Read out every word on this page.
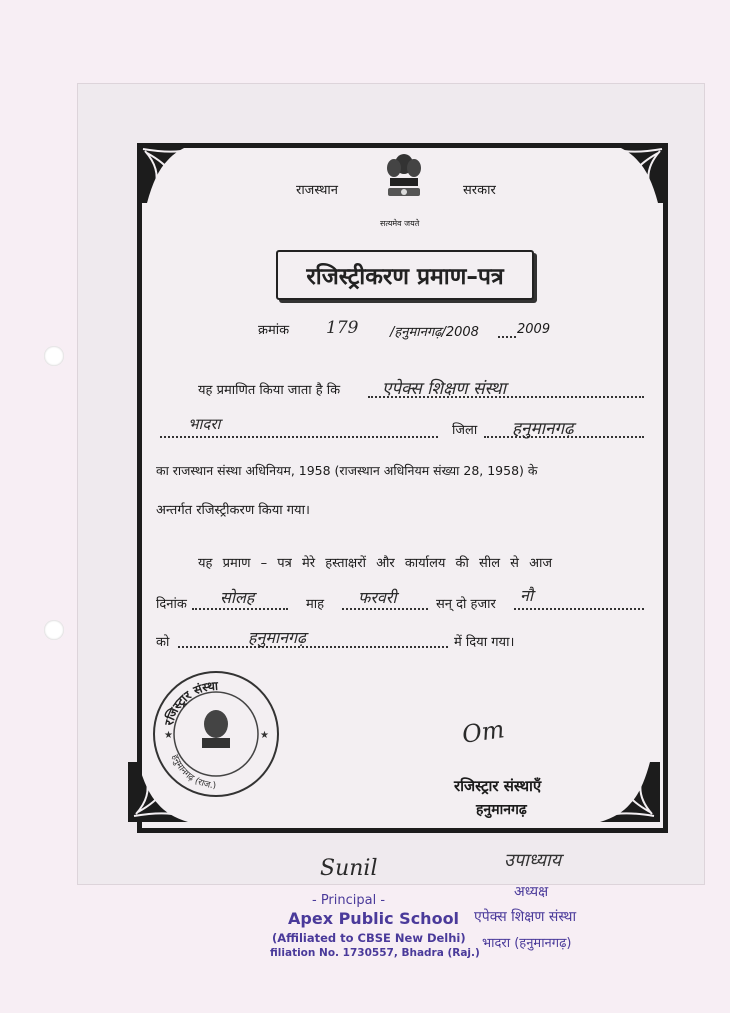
राजस्थान
सत्यमेव जयते
सरकार
रजिस्ट्रीकरण प्रमाण–पत्र
क्रमांक 179 /हनुमानगढ़/2008	2009
यह प्रमाणित किया जाता है कि एपेक्स शिक्षण संस्था
भादरा	जिला हनुमानगढ़
का राजस्थान संस्था अधिनियम, 1958 (राजस्थान अधिनियम संख्या 28, 1958) के
अन्तर्गत रजिस्ट्रीकरण किया गया।
यह प्रमाण – पत्र मेरे हस्ताक्षरों और कार्यालय की सील से आज
दिनांक सोलह	माह फरवरी	सन् दो हजार नौ
को	हनुमानगढ़	में दिया गया।
रजिस्ट्रार संस्था
हनुमानगढ़ (राज.)
★	★	Om
रजिस्ट्रार संस्थाएँ
हनुमानगढ़
Sunil
- Principal -
Apex Public School
(Affiliated to CBSE New Delhi)
filiation No. 1730557, Bhadra (Raj.)
उपाध्याय
अध्यक्ष
एपेक्स शिक्षण संस्था
भादरा (हनुमानगढ़)
